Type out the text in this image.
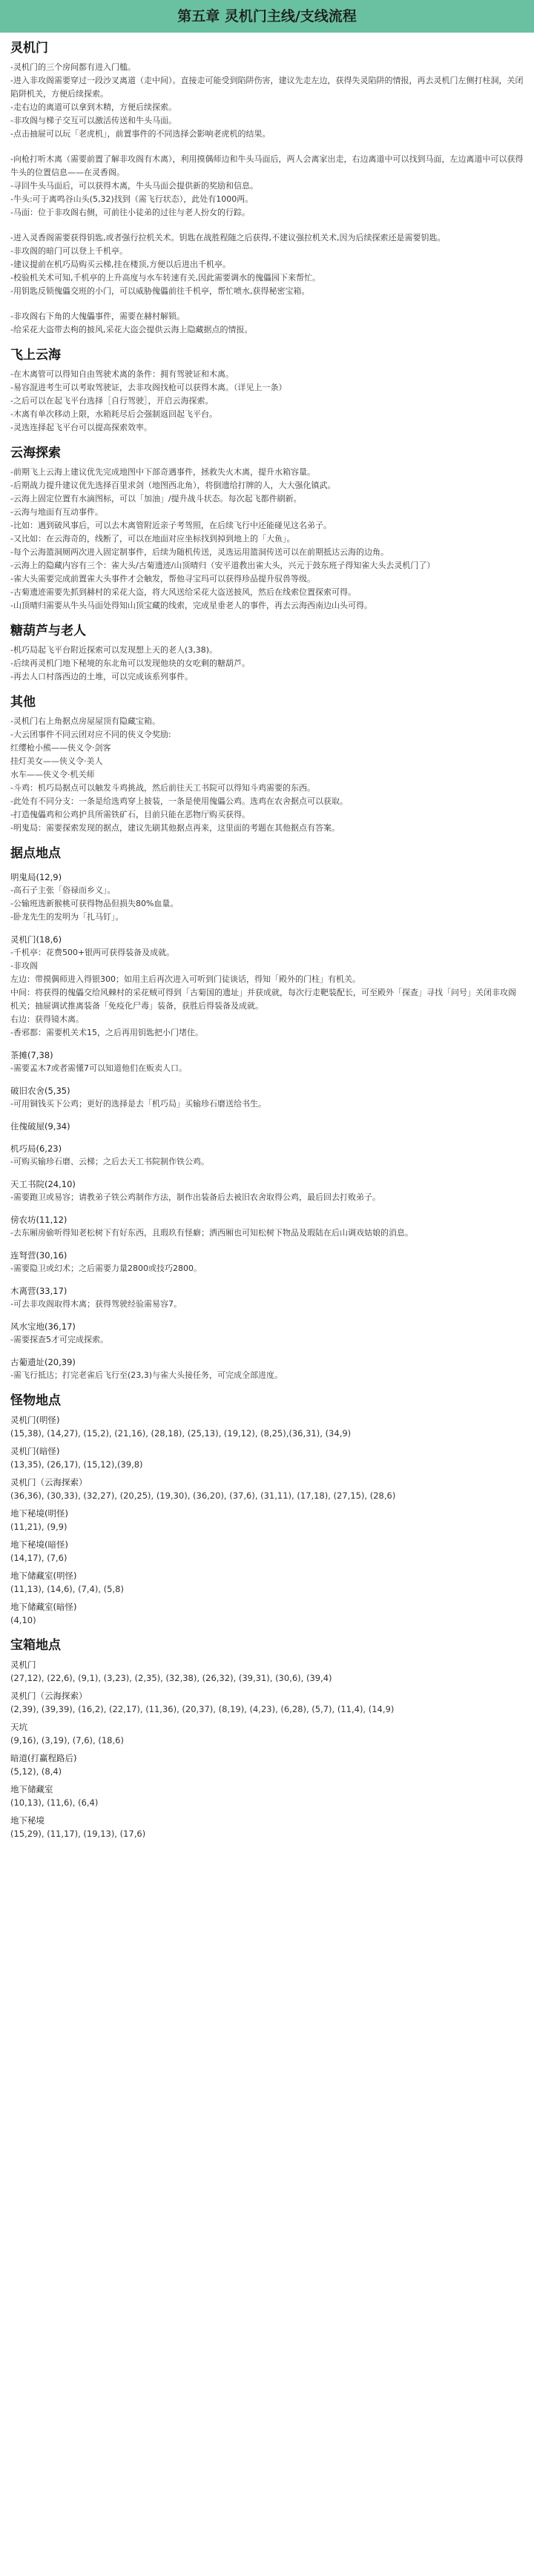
第五章 灵机门主线/支线流程
灵机门
-灵机门的三个房间都有进入门槛。
-进入非攻阁需要穿过一段沙叉离道（走中间）。直接走可能受到陷阱伤害，建议先走左边，获得失灵陷阱的情报，再去灵机门左侧打柱洞，关闭陷阱机关，方便后续探索。
-走右边的离道可以拿到木精，方便后续探索。
-非攻阁与梯子交互可以激活传送和牛头马面。
-点击抽屉可以玩「老虎机」，前置事件的不同选择会影响老虎机的结果。
-向枪打听木离（需要前置了解非攻阁有木离），利用摸偶师边和牛头马面后，两人会离家出走，右边离道中可以找到马面，左边离道中可以获得牛头的位置信息——在灵香阁。
-寻回牛头马面后，可以获得木离，牛头马面会提供新的奖励和信息。
-牛头:可于离鸣谷山头(5,32)找到（需飞行状态），此处有1000两。
-马面：位于非攻阁右侧，可前往小徒弟的过往与老人扮女的行踪。
-进入灵香阁需要获得钥匙,或者强行拉机关术。钥匙在战胜程随之后获得,不建议强拉机关术,因为后续探索还是需要钥匙。
-非攻阁的暗门可以登上千机亭。
-建议提前在机巧局购买云梯,挂在楼顶,方便以后进出千机亭。
-校验机关术可知,千机亭的上升高度与水车转速有关,因此需要调水的傀儡园下来帮忙。
-用钥匙反锁傀儡交班的小门，可以威胁傀儡前往千机亭，帮忙喷水,获得秘密宝箱。
-非攻阁右下角的大傀儡事件，需要在赫村解锁。
-给采花大盗带去枸的披风,采花大盗会提供云海上隐藏据点的情报。
飞上云海
-在木离管可以得知自由驾驶术离的条件：拥有驾驶证和木离。
-易容混进考生可以考取驾驶证，去非攻阁找枪可以获得木离。（详见上一条）
-之后可以在起飞平台选择［自行驾驶］，开启云海探索。
-木离有单次移动上限，水箱耗尽后会强制返回起飞平台。
-灵选连择起飞平台可以提高探索效率。
云海探索
-前期飞上云海上建议优先完成地图中下部奇遇事件，拯救失火木离，提升水箱容量。
-后期战力提升建议优先选择百里求剑（地图西北角），将倒遗给打牌的人，大大强化镇武。
-云海上固定位置有水滴图标，可以「加油」/提升战斗状态。每次起飞都件刷新。
-云海与地面有互动事件。
-比如：遇到破风事后，可以去木离管附近亲子考驾照，在后续飞行中还能碰见这名弟子。
-又比如：在云海奇的，线断了，可以在地面对应坐标找到掉到地上的「大鱼」。
-每个云海篮洞厕两次进入固定制事件，后续为随机传送，灵选运用篮洞传送可以在前期抵达云海的边角。
-云海上的隐藏内容有三个：雀大头/古菊遗迹/山顶晴归（安平道教出雀大头，兴元于鼓东班子得知雀大头去灵机门了）
-雀大头需要完成前置雀大头事件才会触发，帮他寻宝玛可以获得珍品提升驭兽等级。
-古菊遗迹需要先抓到赫村的采花大盗，将大风送给采花大盗送披风，然后在线索位置探索可得。
-山顶晴归需要从牛头马面处得知山顶宝藏的线索，完成星垂老人的事件，再去云海西南边山头可得。
糖葫芦与老人
-机巧局起飞平台附近探索可以发现想上天的老人(3,38)。
-后续再灵机门地下秘境的东北角可以发现他块的女吃剩的糖葫芦。
-再去人口村落西边的土堆，可以完成该系列事件。
其他
-灵机门右上角据点房屋屋顶有隐藏宝箱。
-大云团事件不同云团对应不同的侠义令奖励:
红缨枪小熊——侠义令·剑客
挂灯美女——侠义令·美人
水车——侠义令·机关师
-斗鸡：机巧局据点可以触发斗鸡挑战，然后前往天工书院可以得知斗鸡需要的东西。
-此处有不同分支：一条是给选鸡穿上披装，一条是使用傀儡公鸡。选鸡在农舍据点可以获取。
-打造傀儡鸡和公鸡护具所需铁矿石，目前只能在恶物厅购买获得。
-明鬼局：需要探索发现的据点，建议先刷其他据点再来，这里面的考题在其他据点有答案。
据点地点
明鬼局(12,9)
-高石子主张「俗禄而乡义」。
-公输班选新猴桃可获得物品但损失80%血量。
-卧龙先生的发明为「扎马钉」。
灵机门(18,6)
-千机亭：花费500+银两可获得装备及成就。
-非攻阁
左边：带摸偶师进入得银300；如用主后再次进入可听到门徒谈话，得知「殿外的门柱」有机关。
中间：将获得的傀儡交给风棘村的采花贼可得到「古菊国的遗址」并获成就，每次行走靶装配长，可至殿外「探查」寻找「问号」关闭非攻阁机关；抽屉调试推离装备「免疫化尸毒」装备，获胜后得装备及成就。
右边：获得镜木离。
-香邪都：需要机关术15，之后再用钥匙把小门堵住。
茶摊(7,38)
-需要孟木7或者需懂7可以知道他们在贩卖人口。
破旧农舍(5,35)
-可用铜钱买下公鸡；更好的选择是去「机巧局」买输珍石磨送给书生。
住傀破屋(9,34)
机巧局(6,23)
-可购买输珍石磨、云梯；之后去天工书院制作铁公鸡。
天工书院(24,10)
-需要跑卫或易容；请教弟子铁公鸡制作方法，制作出装备后去被旧农舍取得公鸡，最后回去打败弟子。
傍农坊(11,12)
-去东厢房偷听得知老松树下有好东西，且瑕玖有怪癖；洒西厢也可知松树下物品及瑕陆在后山调戏姑娘的消息。
连弩营(30,16)
-需要隐卫或幻术；之后需要力量2800或技巧2800。
木离营(33,17)
-可去非攻阁取得木离；获得驾驶经验需易容7。
风水宝地(36,17)
-需要探查5才可完成探索。
古葡遗址(20,39)
-需飞行抵达；打完老雀后飞行至(23,3)与雀大头接任务，可完成全部进度。
怪物地点
灵机门(明怪)
(15,38), (14,27), (15,2), (21,16), (28,18), (25,13), (19,12), (8,25),(36,31), (34,9)
灵机门(暗怪)
(13,35), (26,17), (15,12),(39,8)
灵机门（云海探索）
(36,36), (30,33), (32,27), (20,25), (19,30), (36,20), (37,6), (31,11), (17,18), (27,15), (28,6)
地下秘境(明怪)
(11,21), (9,9)
地下秘境(暗怪)
(14,17), (7,6)
地下储藏室(明怪)
(11,13), (14,6), (7,4), (5,8)
地下储藏室(暗怪)
(4,10)
宝箱地点
灵机门
(27,12), (22,6), (9,1), (3,23), (2,35), (32,38), (26,32), (39,31), (30,6), (39,4)
灵机门（云海探索）
(2,39), (39,39), (16,2), (22,17), (11,36), (20,37), (8,19), (4,23), (6,28), (5,7), (11,4), (14,9)
天坑
(9,16), (3,19), (7,6), (18,6)
暗道(打赢程路后)
(5,12), (8,4)
地下储藏室
(10,13), (11,6), (6,4)
地下秘境
(15,29), (11,17), (19,13), (17,6)
